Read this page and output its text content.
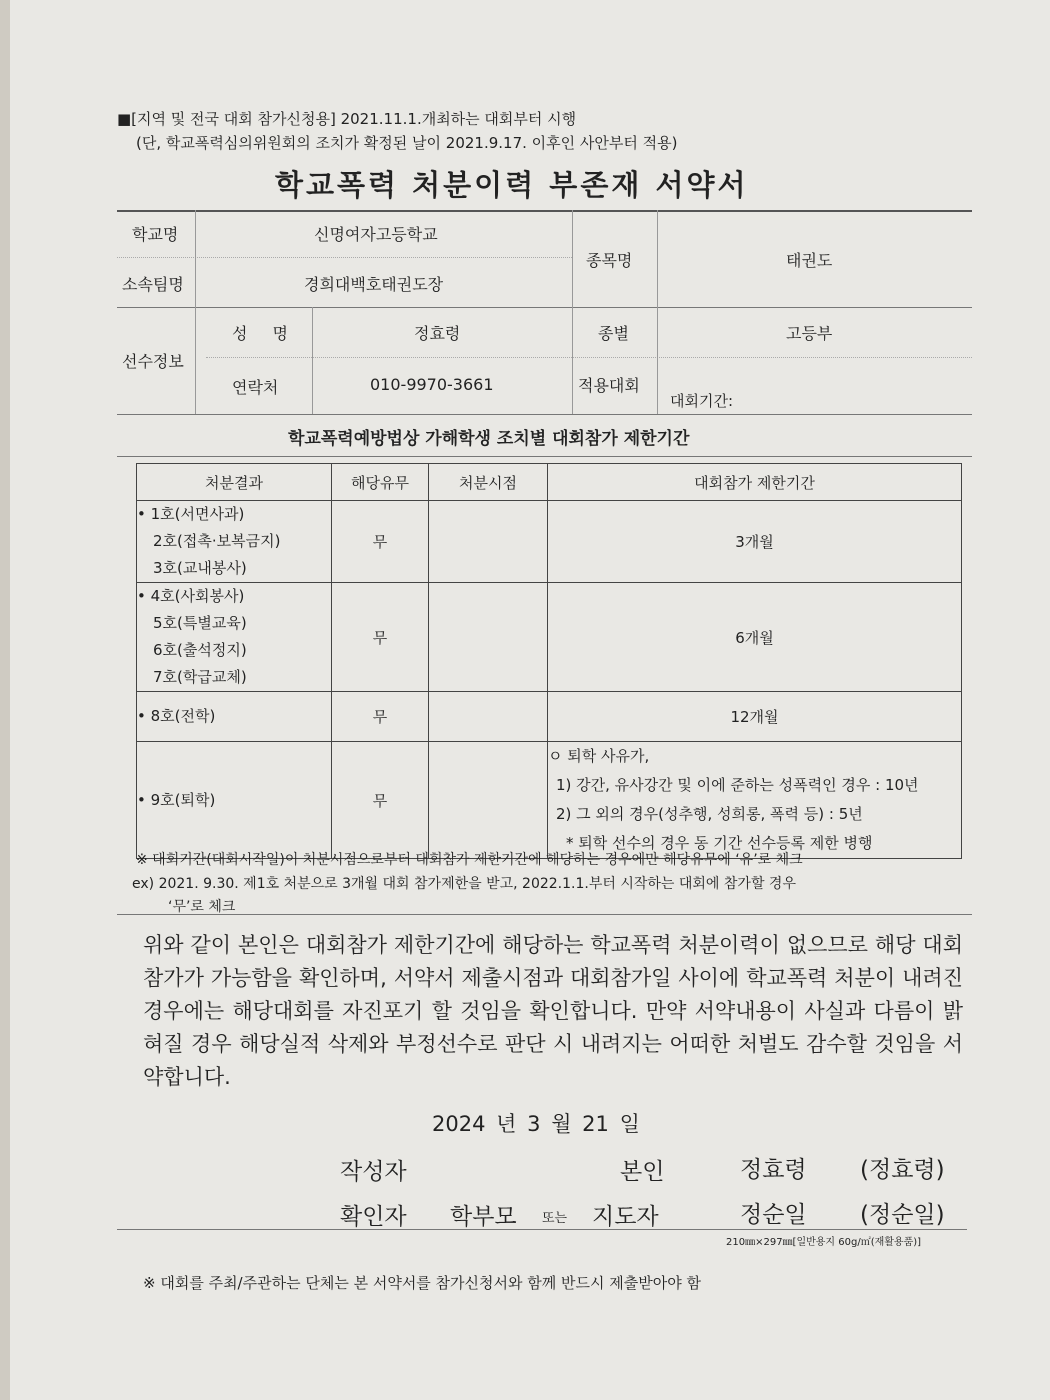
■[지역 및 전국 대회 참가신청용] 2021.11.1.개최하는 대회부터 시행
(단, 학교폭력심의위원회의 조치가 확정된 날이 2021.9.17. 이후인 사안부터 적용)
학교폭력 처분이력 부존재 서약서
학교명	신명여자고등학교
소속팀명	경희대백호태권도장
종목명	태권도
선수정보
성 명	정효령	종별	고등부
연락처	010-9970-3661	적용대회
대회기간:
학교폭력예방법상 가해학생 조치별 대회참가 제한기간
처분결과	해당유무	처분시점	대회참가 제한기간

• 1호(서면사과)
2호(접촉·보복금지)
3호(교내봉사)	무		3개월

• 4호(사회봉사)
5호(특별교육)
6호(출석정지)
7호(학급교체)	무		6개월

• 8호(전학)	무		12개월

• 9호(퇴학)	무		ㅇ 퇴학 사유가,
1) 강간, 유사강간 및 이에 준하는 성폭력인 경우 : 10년
2) 그 외의 경우(성추행, 성희롱, 폭력 등) : 5년
* 퇴학 선수의 경우 동 기간 선수등록 제한 병행
※ 대회기간(대회시작일)이 처분시점으로부터 대회참가 제한기간에 해당하는 경우에만 해당유무에 ‘유’로 체크
ex) 2021. 9.30. 제1호 처분으로 3개월 대회 참가제한을 받고, 2022.1.1.부터 시작하는 대회에 참가할 경우
‘무’로 체크
위와 같이 본인은 대회참가 제한기간에 해당하는 학교폭력 처분이력이 없으므로 해당 대회 참가가 가능함을 확인하며, 서약서 제출시점과 대회참가일 사이에 학교폭력 처분이 내려진 경우에는 해당대회를 자진포기 할 것임을 확인합니다. 만약 서약내용이 사실과 다름이 밝혀질 경우 해당실적 삭제와 부정선수로 판단 시 내려지는 어떠한 처벌도 감수할 것임을 서약합니다.
2024 년 3 월 21 일
작성자	본인	정효령 (정효령)
확인자 학부모 또는 지도자	정순일 (정순일)
210㎜×297㎜[일반용지 60g/㎡(재활용품)]
※ 대회를 주최/주관하는 단체는 본 서약서를 참가신청서와 함께 반드시 제출받아야 함
